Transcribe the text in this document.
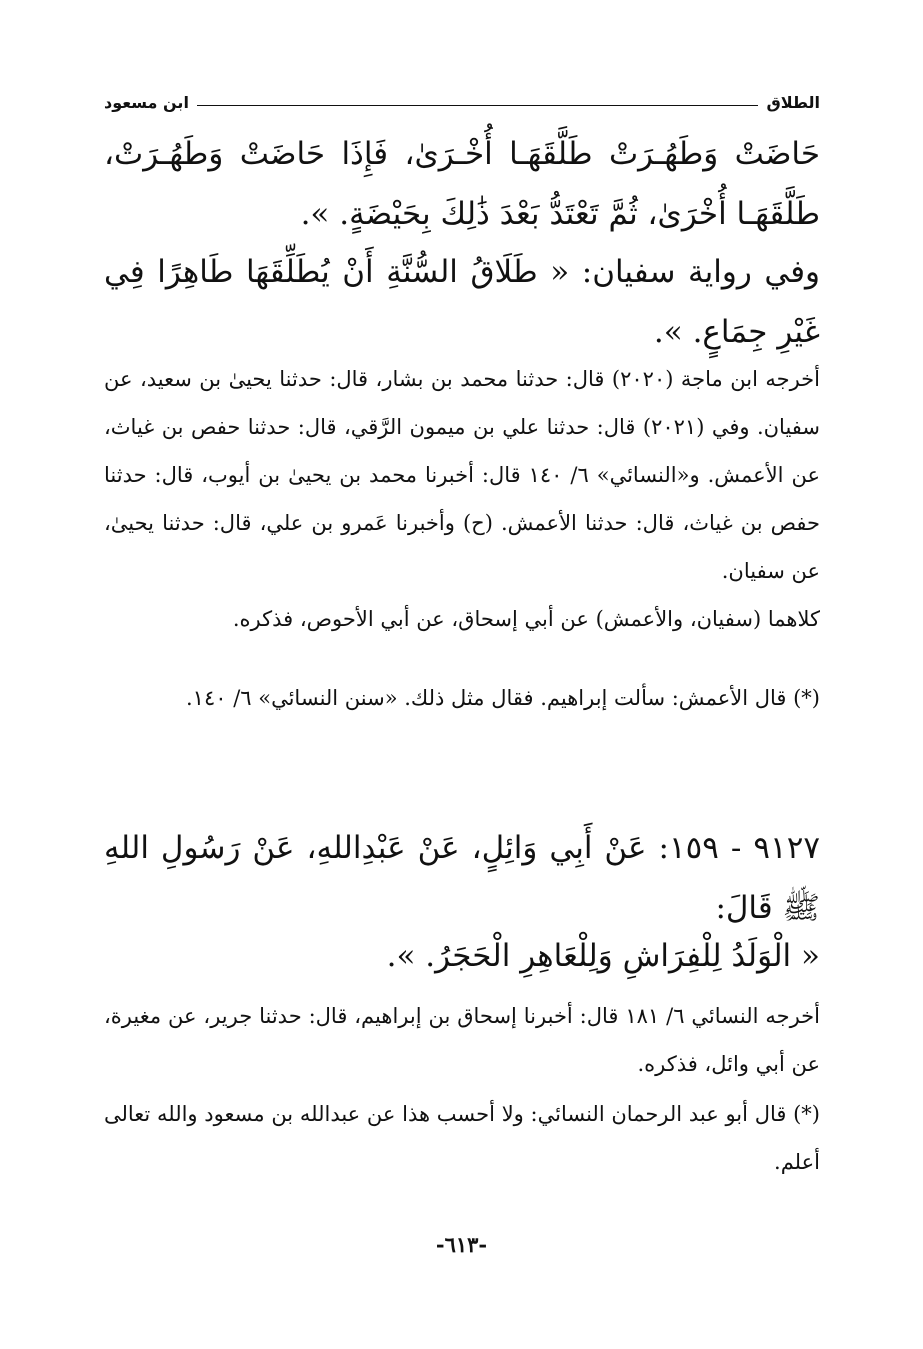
الطلاق
ابن مسعود
حَاضَتْ وَطَهُـرَتْ طَلَّقَهَـا أُخْـرَىٰ، فَإِذَا حَاضَتْ وَطَهُـرَتْ، طَلَّقَهَـا أُخْرَىٰ، ثُمَّ تَعْتَدُّ بَعْدَ ذَٰلِكَ بِحَيْضَةٍ. ».
وفي رواية سفيان: « طَلَاقُ السُّنَّةِ أَنْ يُطَلِّقَهَا طَاهِرًا فِي غَيْرِ جِمَاعٍ. ».
أخرجه ابن ماجة (٢٠٢٠) قال: حدثنا محمد بن بشار، قال: حدثنا يحيىٰ بن سعيد، عن سفيان. وفي (٢٠٢١) قال: حدثنا علي بن ميمون الرَّقي، قال: حدثنا حفص بن غياث، عن الأعمش. و«النسائي» ٦/ ١٤٠ قال: أخبرنا محمد بن يحيىٰ بن أيوب، قال: حدثنا حفص بن غياث، قال: حدثنا الأعمش. (ح) وأخبرنا عَمرو بن علي، قال: حدثنا يحيىٰ، عن سفيان.
كلاهما (سفيان، والأعمش) عن أبي إسحاق، عن أبي الأحوص، فذكره.
(*) قال الأعمش: سألت إبراهيم. فقال مثل ذلك. «سنن النسائي» ٦/ ١٤٠.
٩١٢٧ - ١٥٩: عَنْ أَبِي وَائِلٍ، عَنْ عَبْدِاللهِ، عَنْ رَسُولِ اللهِ ﷺ قَالَ:
« الْوَلَدُ لِلْفِرَاشِ وَلِلْعَاهِرِ الْحَجَرُ. ».
أخرجه النسائي ٦/ ١٨١ قال: أخبرنا إسحاق بن إبراهيم، قال: حدثنا جرير، عن مغيرة، عن أبي وائل، فذكره.
(*) قال أبو عبد الرحمان النسائي: ولا أحسب هذا عن عبدالله بن مسعود والله تعالى أعلم.
-٦١٣-
